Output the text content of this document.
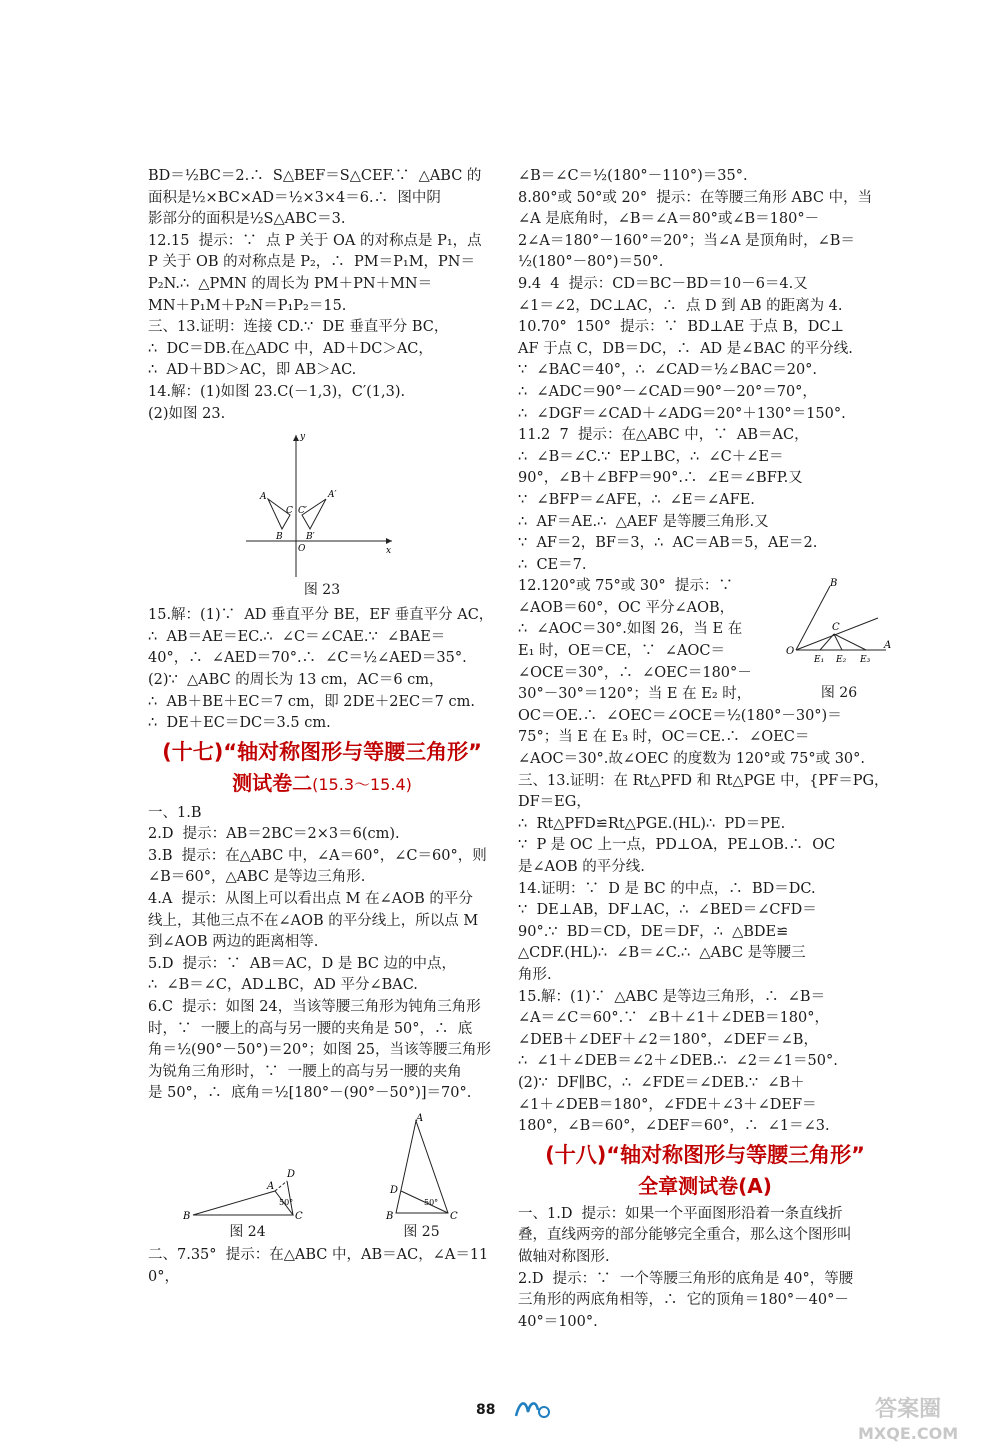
BD＝½BC＝2.∴  S△BEF＝S△CEF.∵  △ABC 的

面积是½×BC×AD＝½×3×4＝6.∴  图中阴

影部分的面积是½S△ABC＝3.

12.15  提示：∵  点 P 关于 OA 的对称点是 P₁，点

P 关于 OB 的对称点是 P₂，∴  PM＝P₁M，PN＝

P₂N.∴  △PMN 的周长为 PM＋PN＋MN＝

MN＋P₁M＋P₂N＝P₁P₂＝15.

三、13.证明：连接 CD.∵  DE 垂直平分 BC，

∴  DC＝DB.在△ADC 中，AD＋DC＞AC，

∴  AD＋BD＞AC，即 AB＞AC.

14.解：(1)如图 23.C(－1,3)，C′(1,3).

(2)如图 23.

y
x
O
A
B
C C′
A′
B′
图 23

15.解：(1)∵  AD 垂直平分 BE，EF 垂直平分 AC，

∴  AB＝AE＝EC.∴  ∠C＝∠CAE.∵  ∠BAE＝

40°，∴  ∠AED＝70°.∴  ∠C＝½∠AED＝35°.

(2)∵  △ABC 的周长为 13 cm，AC＝6 cm，

∴  AB＋BE＋EC＝7 cm，即 2DE＋2EC＝7 cm.

∴  DE＋EC＝DC＝3.5 cm.

(十七)“轴对称图形与等腰三角形”
测试卷二(15.3～15.4)

一、1.B

2.D  提示：AB＝2BC＝2×3＝6(cm).

3.B  提示：在△ABC 中，∠A＝60°，∠C＝60°，则

∠B＝60°，△ABC 是等边三角形.

4.A  提示：从图上可以看出点 M 在∠AOB 的平分

线上，其他三点不在∠AOB 的平分线上，所以点 M

到∠AOB 两边的距离相等.

5.D  提示：∵  AB＝AC，D 是 BC 边的中点，

∴  ∠B＝∠C，AD⊥BC，AD 平分∠BAC.

6.C  提示：如图 24，当该等腰三角形为钝角三角形

时，∵  一腰上的高与另一腰的夹角是 50°，∴  底

角＝½(90°－50°)＝20°；如图 25，当该等腰三角形

为锐角三角形时，∵  一腰上的高与另一腰的夹角

是 50°，∴  底角＝½[180°－(90°－50°)]＝70°.

A
B	C
D
50°
图 24
A
B	C
D
50°
图 25

二、7.35°  提示：在△ABC 中，AB＝AC，∠A＝110°，

∠B＝∠C＝½(180°－110°)＝35°.

8.80°或 50°或 20°  提示：在等腰三角形 ABC 中，当

∠A 是底角时，∠B＝∠A＝80°或∠B＝180°－

2∠A＝180°－160°＝20°；当∠A 是顶角时，∠B＝

½(180°－80°)＝50°.

9.4  4  提示：CD＝BC－BD＝10－6＝4.又

∠1＝∠2，DC⊥AC，∴  点 D 到 AB 的距离为 4.

10.70°  150°  提示：∵  BD⊥AE 于点 B，DC⊥

AF 于点 C，DB＝DC，∴  AD 是∠BAC 的平分线.

∵  ∠BAC＝40°，∴  ∠CAD＝½∠BAC＝20°.

∴  ∠ADC＝90°－∠CAD＝90°－20°＝70°，

∴  ∠DGF＝∠CAD＋∠ADG＝20°＋130°＝150°.

11.2  7  提示：在△ABC 中，∵  AB＝AC，

∴  ∠B＝∠C.∵  EP⊥BC，∴  ∠C＋∠E＝

90°，∠B＋∠BFP＝90°.∴  ∠E＝∠BFP.又

∵  ∠BFP＝∠AFE，∴  ∠E＝∠AFE.

∴  AF＝AE.∴  △AEF 是等腰三角形.又

∵  AF＝2，BF＝3，∴  AC＝AB＝5，AE＝2.

∴  CE＝7.

12.120°或 75°或 30°  提示：∵

∠AOB＝60°，OC 平分∠AOB，

∴  ∠AOC＝30°.如图 26，当 E 在

E₁ 时，OE＝CE，∵  ∠AOC＝

∠OCE＝30°，∴  ∠OEC＝180°－

30°－30°＝120°；当 E 在 E₂ 时，

B
C
O
E₁ E₂ E₃
A
图 26

OC＝OE.∴  ∠OEC＝∠OCE＝½(180°－30°)＝

75°；当 E 在 E₃ 时，OC＝CE.∴  ∠OEC＝

∠AOC＝30°.故∠OEC 的度数为 120°或 75°或 30°.

三、13.证明：在 Rt△PFD 和 Rt△PGE 中，{PF＝PG，DF＝EG，

∴  Rt△PFD≌Rt△PGE.(HL)∴  PD＝PE.

∵  P 是 OC 上一点，PD⊥OA，PE⊥OB.∴  OC

是∠AOB 的平分线.

14.证明：∵  D 是 BC 的中点，∴  BD＝DC.

∵  DE⊥AB，DF⊥AC，∴  ∠BED＝∠CFD＝

90°.∵  BD＝CD，DE＝DF，∴  △BDE≌

△CDF.(HL)∴  ∠B＝∠C.∴  △ABC 是等腰三

角形.

15.解：(1)∵  △ABC 是等边三角形，∴  ∠B＝

∠A＝∠C＝60°.∵  ∠B＋∠1＋∠DEB＝180°，

∠DEB＋∠DEF＋∠2＝180°，∠DEF＝∠B，

∴  ∠1＋∠DEB＝∠2＋∠DEB.∴  ∠2＝∠1＝50°.

(2)∵  DF∥BC，∴  ∠FDE＝∠DEB.∵  ∠B＋

∠1＋∠DEB＝180°，∠FDE＋∠3＋∠DEF＝

180°，∠B＝60°，∠DEF＝60°，∴  ∠1＝∠3.

(十八)“轴对称图形与等腰三角形”
全章测试卷(A)

一、1.D  提示：如果一个平面图形沿着一条直线折

叠，直线两旁的部分能够完全重合，那么这个图形叫

做轴对称图形.

2.D  提示：∵  一个等腰三角形的底角是 40°，等腰

三角形的两底角相等，∴  它的顶角＝180°－40°－

40°＝100°.

88	答案圈
MXQE.COM
